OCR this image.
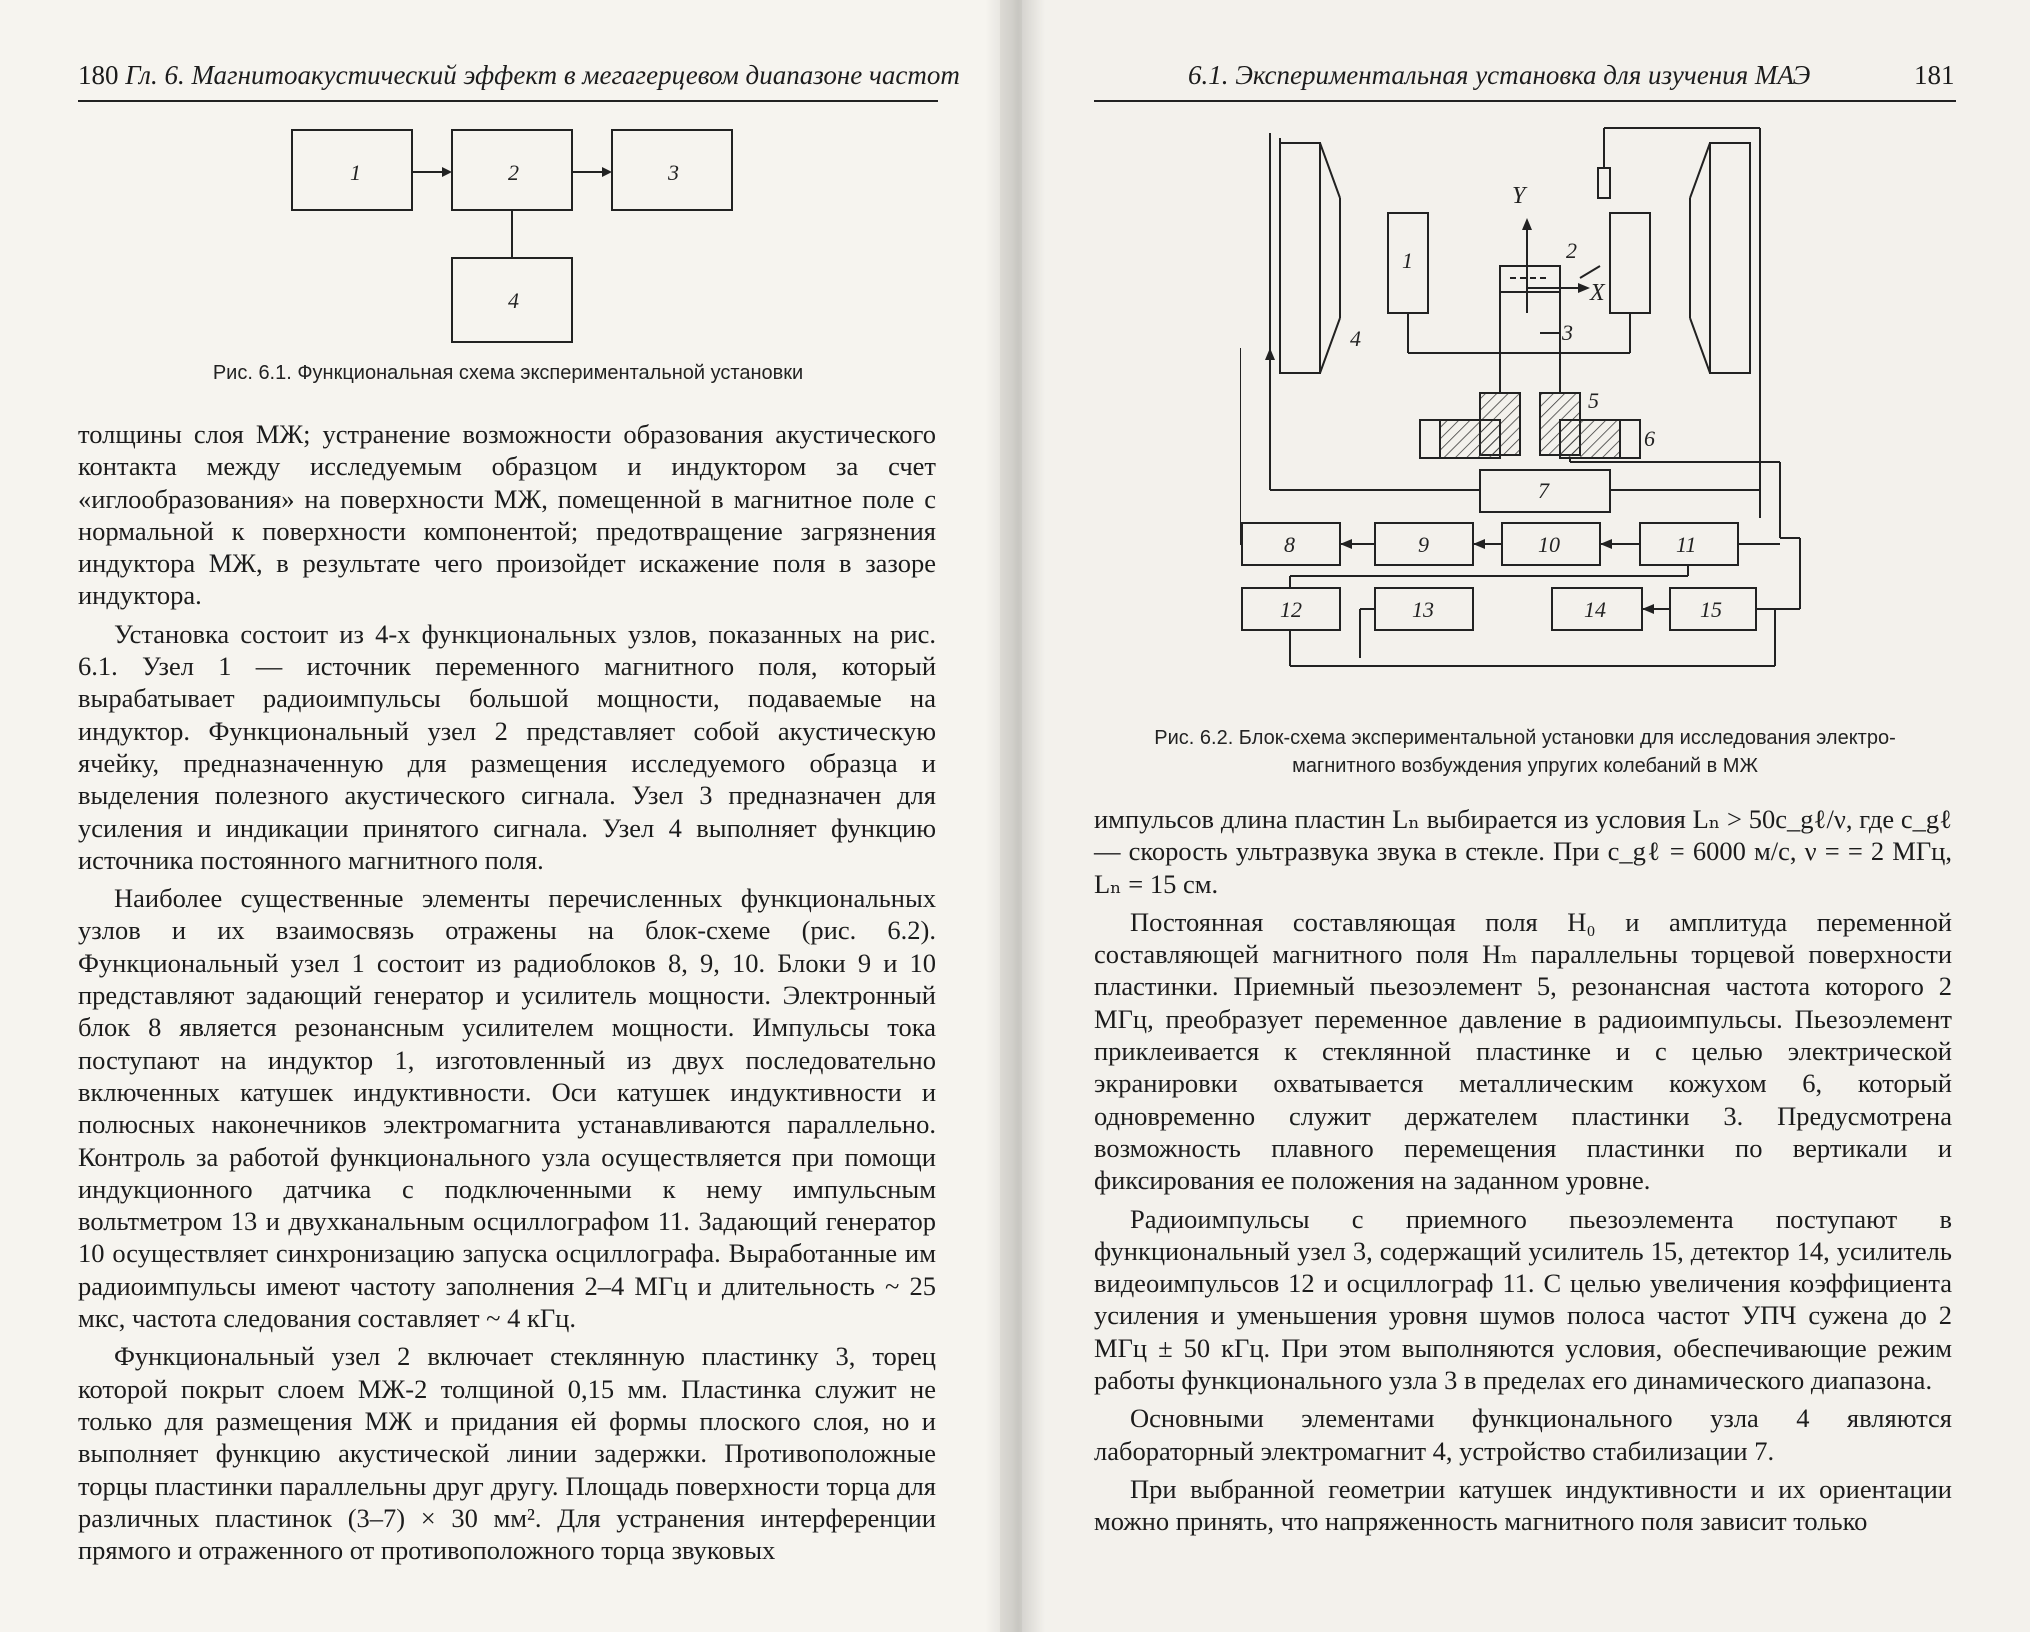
180 Гл. 6. Магнитоакустический эффект в мегагерцевом диапазоне частот
1	2	3
4
Рис. 6.1. Функциональная схема экспериментальной установки

толщины слоя МЖ; устранение возможности образования акустического контакта между исследуемым образцом и индуктором за счет «иглообразования» на поверхности МЖ, помещенной в магнитное поле с нормальной к поверхности компонентой; предотвращение загрязнения индуктора МЖ, в результате чего произойдет искажение поля в зазоре индуктора.

Установка состоит из 4-х функциональных узлов, показанных на рис. 6.1. Узел 1 — источник переменного магнитного поля, который вырабатывает радиоимпульсы большой мощности, подаваемые на индуктор. Функциональный узел 2 представляет собой акустическую ячейку, предназначенную для размещения исследуемого образца и выделения полезного акустического сигнала. Узел 3 предназначен для усиления и индикации принятого сигнала. Узел 4 выполняет функцию источника постоянного магнитного поля.

Наиболее существенные элементы перечисленных функциональных узлов и их взаимосвязь отражены на блок-схеме (рис. 6.2). Функциональный узел 1 состоит из радиоблоков 8, 9, 10. Блоки 9 и 10 представляют задающий генератор и усилитель мощности. Электронный блок 8 является резонансным усилителем мощности. Импульсы тока поступают на индуктор 1, изготовленный из двух последовательно включенных катушек индуктивности. Оси катушек индуктивности и полюсных наконечников электромагнита устанавливаются параллельно. Контроль за работой функционального узла осуществляется при помощи индукционного датчика с подключенными к нему импульсным вольтметром 13 и двухканальным осциллографом 11. Задающий генератор 10 осуществляет синхронизацию запуска осциллографа. Выработанные им радиоимпульсы имеют частоту заполнения 2–4 МГц и длительность ~ 25 мкс, частота следования составляет ~ 4 кГц.

Функциональный узел 2 включает стеклянную пластинку 3, торец которой покрыт слоем МЖ-2 толщиной 0,15 мм. Пластинка служит не только для размещения МЖ и придания ей формы плоского слоя, но и выполняет функцию акустической линии задержки. Противоположные торцы пластинки параллельны друг другу. Площадь поверхности торца для различных пластинок (3–7) × 30 мм². Для устранения интерференции прямого и отраженного от противоположного торца звуковых

6.1. Экспериментальная установка для изучения МАЭ	181
Y
X
1	2
3
4
5
6
7
8	9	10	11
12	13	14	15
Рис. 6.2. Блок-схема экспериментальной установки для исследования электро-
магнитного возбуждения упругих колебаний в МЖ

импульсов длина пластин Lₙ выбирается из условия Lₙ > 50c_gℓ/ν, где c_gℓ — скорость ультразвука звука в стекле. При c_gℓ = 6000 м/с, ν = = 2 МГц, Lₙ = 15 см.

Постоянная составляющая поля H₀ и амплитуда переменной составляющей магнитного поля Hₘ параллельны торцевой поверхности пластинки. Приемный пьезоэлемент 5, резонансная частота которого 2 МГц, преобразует переменное давление в радиоимпульсы. Пьезоэлемент приклеивается к стеклянной пластинке и с целью электрической экранировки охватывается металлическим кожухом 6, который одновременно служит держателем пластинки 3. Предусмотрена возможность плавного перемещения пластинки по вертикали и фиксирования ее положения на заданном уровне.

Радиоимпульсы с приемного пьезоэлемента поступают в функциональный узел 3, содержащий усилитель 15, детектор 14, усилитель видеоимпульсов 12 и осциллограф 11. С целью увеличения коэффициента усиления и уменьшения уровня шумов полоса частот УПЧ сужена до 2 МГц ± 50 кГц. При этом выполняются условия, обеспечивающие режим работы функционального узла 3 в пределах его динамического диапазона.

Основными элементами функционального узла 4 являются лабораторный электромагнит 4, устройство стабилизации 7.

При выбранной геометрии катушек индуктивности и их ориентации можно принять, что напряженность магнитного поля зависит только
